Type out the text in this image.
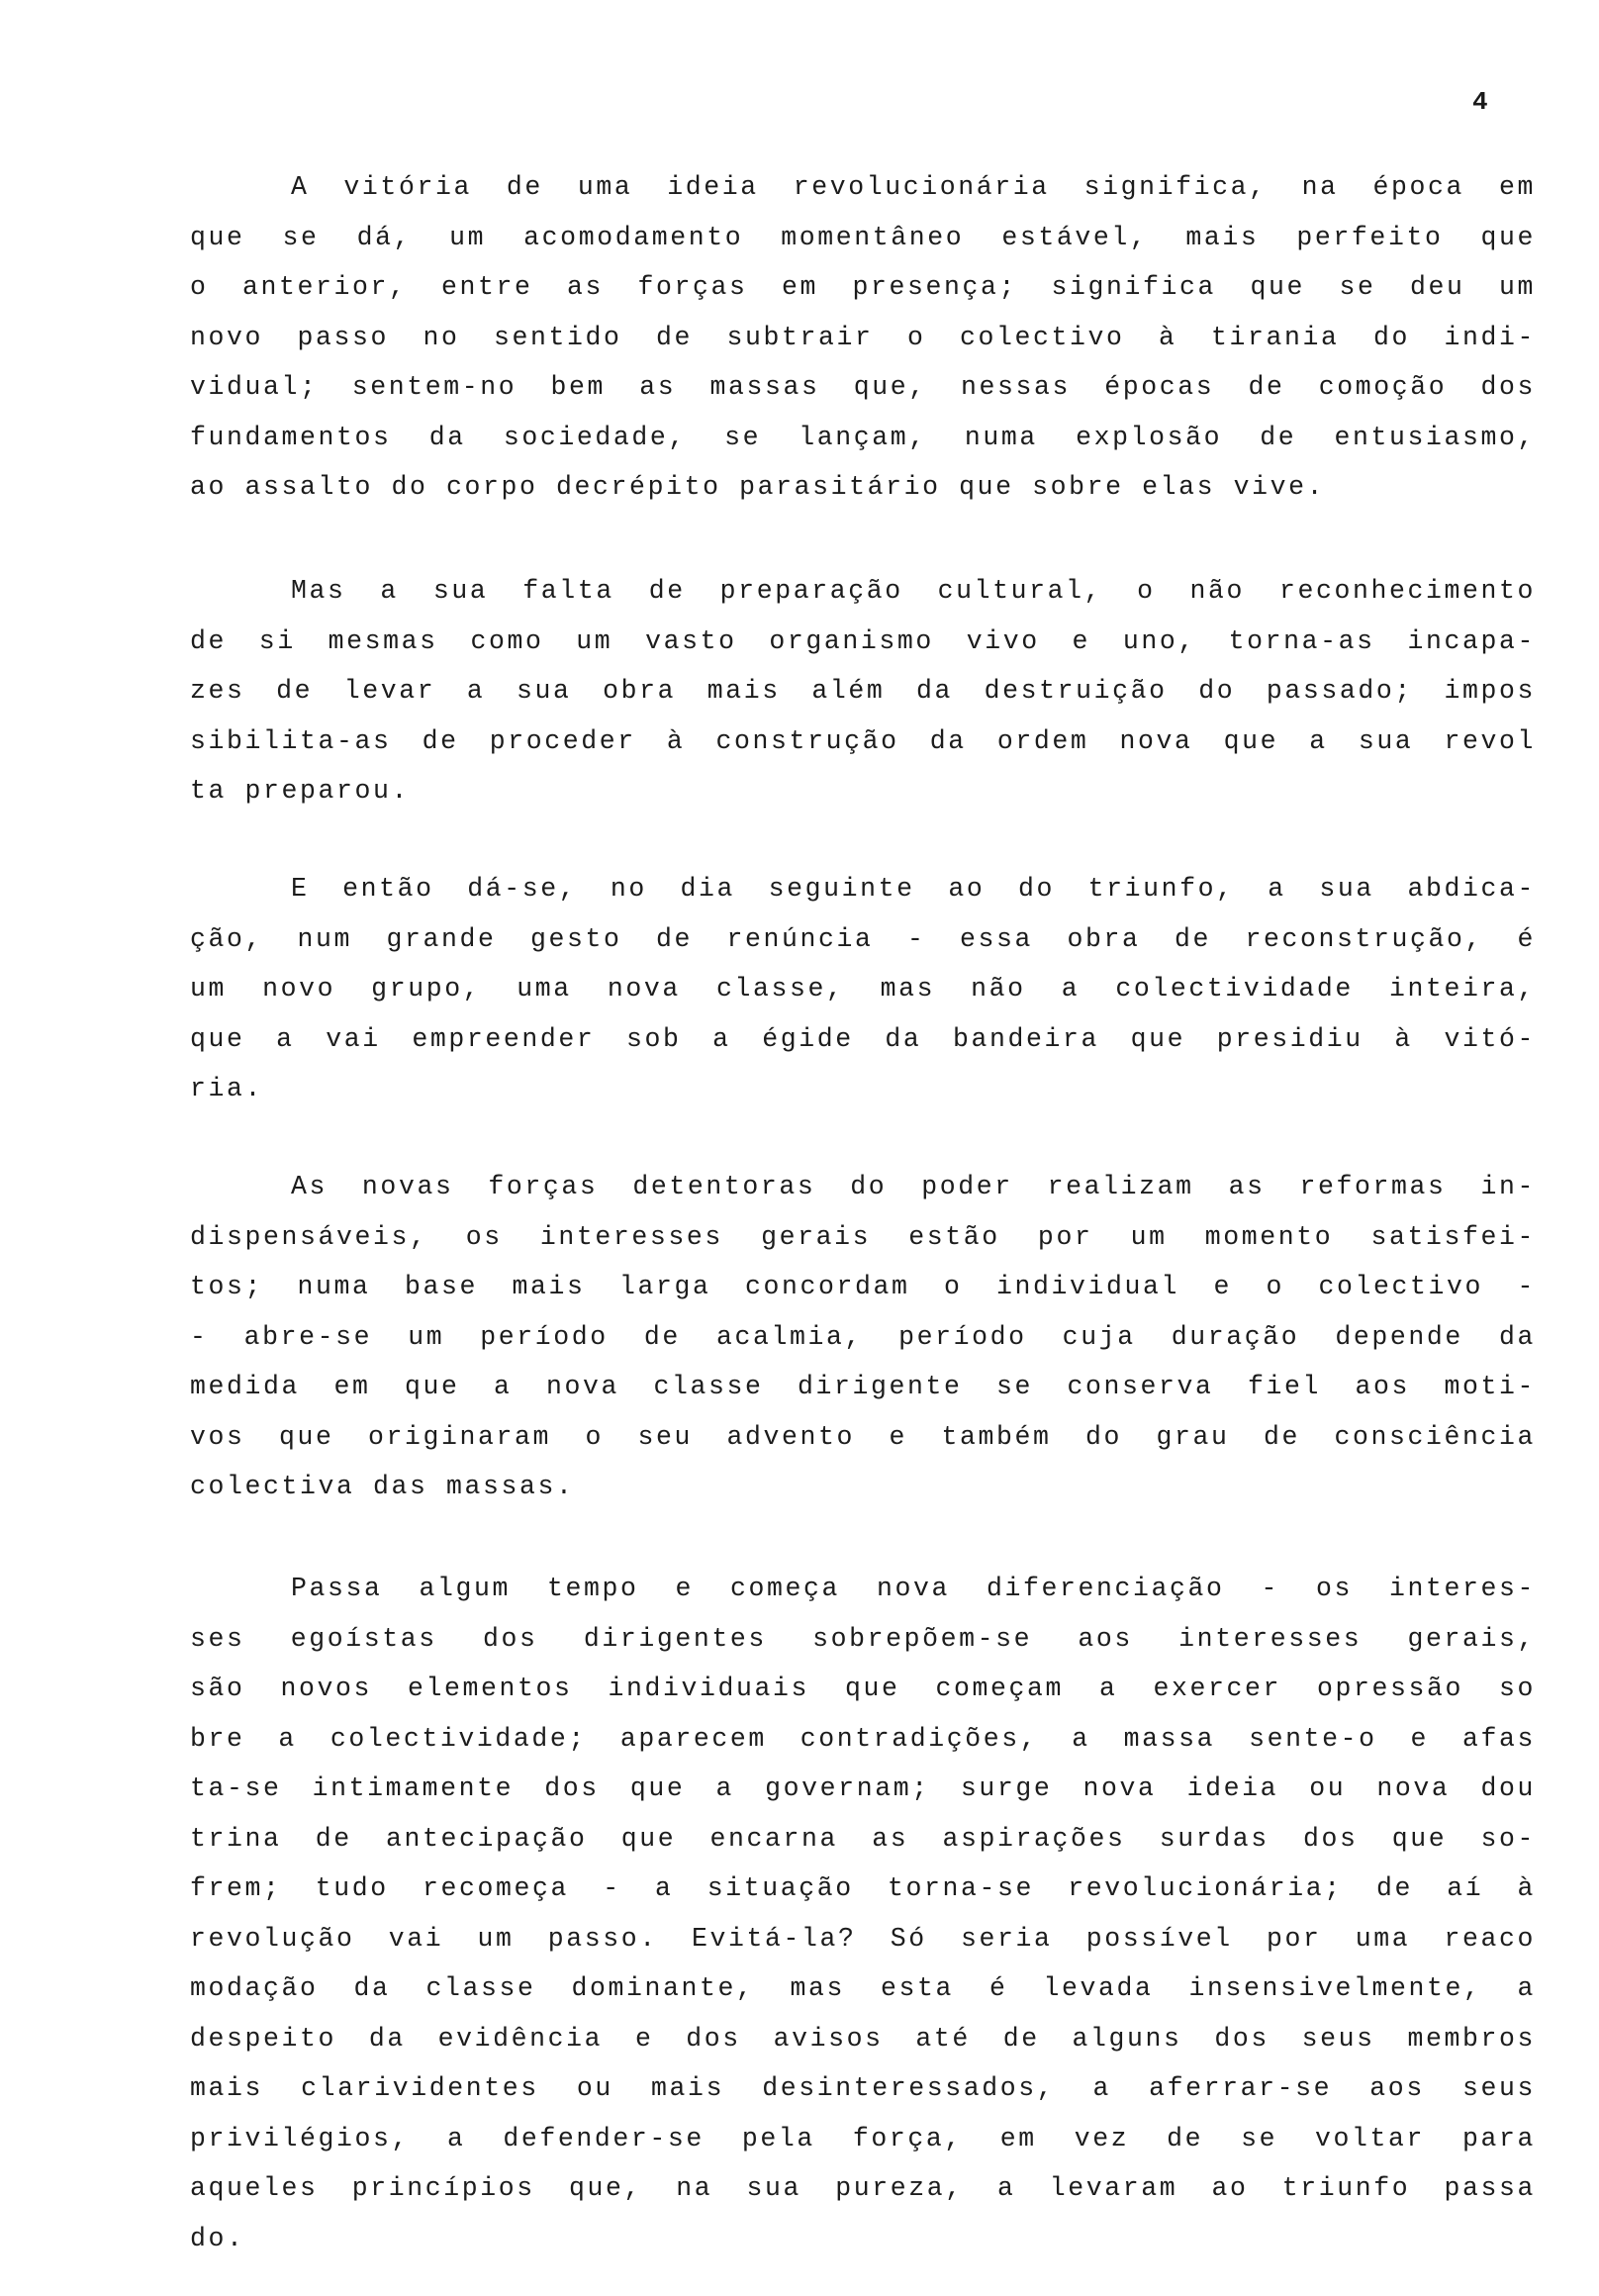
4
A vitória de uma ideia revolucionária significa, na época em
que se dá, um acomodamento momentâneo estável, mais perfeito que
o anterior, entre as forças em presença; significa que se deu um
novo passo no sentido de subtrair o colectivo à tirania do indi-
vidual; sentem-no bem as massas que, nessas épocas de comoção dos
fundamentos da sociedade, se lançam, numa explosão de entusiasmo,
ao assalto do corpo decrépito parasitário que sobre elas vive.
Mas a sua falta de preparação cultural, o não reconhecimento
de si mesmas como um vasto organismo vivo e uno, torna-as incapa-
zes de levar a sua obra mais além da destruição do passado; impos
sibilita-as de proceder à construção da ordem nova que a sua revol
ta preparou.
E então dá-se, no dia seguinte ao do triunfo, a sua abdica-
ção, num grande gesto de renúncia - essa obra de reconstrução, é
um novo grupo, uma nova classe, mas não a colectividade inteira,
que a vai empreender sob a égide da bandeira que presidiu à vitó-
ria.
As novas forças detentoras do poder realizam as reformas in-
dispensáveis, os interesses gerais estão por um momento satisfei-
tos; numa base mais larga concordam o individual e o colectivo -
- abre-se um período de acalmia, período cuja duração depende da
medida em que a nova classe dirigente se conserva fiel aos moti-
vos que originaram o seu advento e também do grau de consciência
colectiva das massas.
Passa algum tempo e começa nova diferenciação - os interes-
ses egoístas dos dirigentes sobrepõem-se aos interesses gerais,
são novos elementos individuais que começam a exercer opressão so
bre a colectividade; aparecem contradições, a massa sente-o e afas
ta-se intimamente dos que a governam; surge nova ideia ou nova dou
trina de antecipação que encarna as aspirações surdas dos que so-
frem; tudo recomeça - a situação torna-se revolucionária; de aí à
revolução vai um passo. Evitá-la? Só seria possível por uma reaco
modação da classe dominante, mas esta é levada insensivelmente, a
despeito da evidência e dos avisos até de alguns dos seus membros
mais clarividentes ou mais desinteressados, a aferrar-se aos seus
privilégios, a defender-se pela força, em vez de se voltar para
aqueles princípios que, na sua pureza, a levaram ao triunfo passa
do.
